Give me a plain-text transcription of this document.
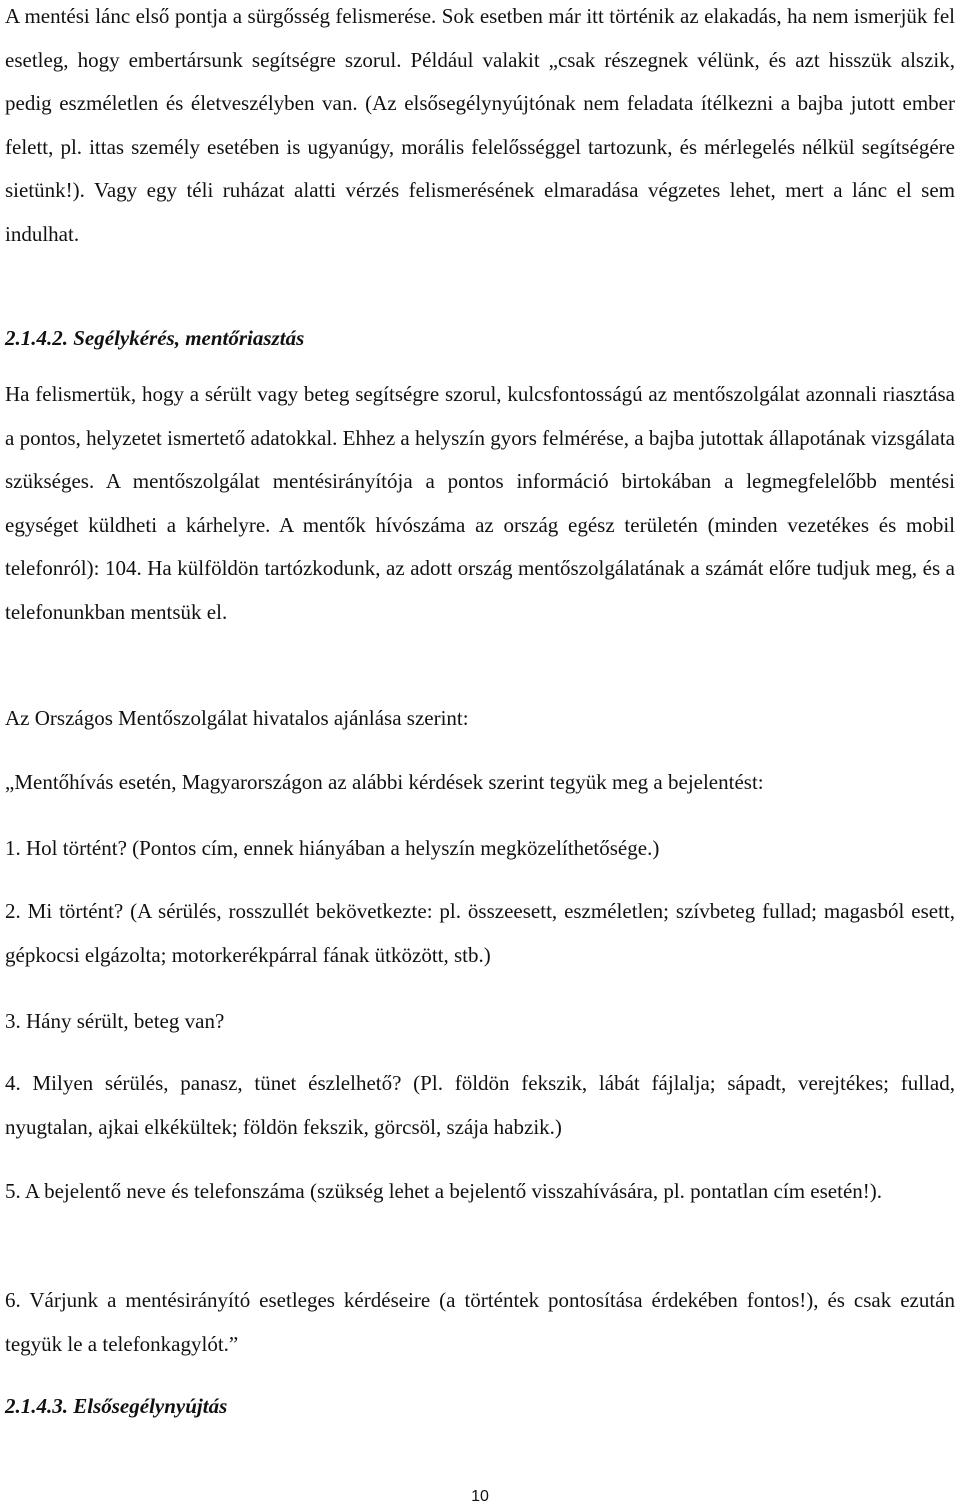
A mentési lánc első pontja a sürgősség felismerése. Sok esetben már itt történik az elakadás, ha nem ismerjük fel esetleg, hogy embertársunk segítségre szorul. Például valakit „csak részegnek vélünk, és azt hisszük alszik, pedig eszméletlen és életveszélyben van. (Az elsősegélynyújtónak nem feladata ítélkezni a bajba jutott ember felett, pl. ittas személy esetében is ugyanúgy, morális felelősséggel tartozunk, és mérlegelés nélkül segítségére sietünk!). Vagy egy téli ruházat alatti vérzés felismerésének elmaradása végzetes lehet, mert a lánc el sem indulhat.

2.1.4.2. Segélykérés, mentőriasztás

Ha felismertük, hogy a sérült vagy beteg segítségre szorul, kulcsfontosságú az mentőszolgálat azonnali riasztása a pontos, helyzetet ismertető adatokkal. Ehhez a helyszín gyors felmérése, a bajba jutottak állapotának vizsgálata szükséges. A mentőszolgálat mentésirányítója a pontos információ birtokában a legmegfelelőbb mentési egységet küldheti a kárhelyre. A mentők hívószáma az ország egész területén (minden vezetékes és mobil telefonról): 104. Ha külföldön tartózkodunk, az adott ország mentőszolgálatának a számát előre tudjuk meg, és a telefonunkban mentsük el.

Az Országos Mentőszolgálat hivatalos ajánlása szerint:

„Mentőhívás esetén, Magyarországon az alábbi kérdések szerint tegyük meg a bejelentést:

1. Hol történt? (Pontos cím, ennek hiányában a helyszín megközelíthetősége.)

2. Mi történt? (A sérülés, rosszullét bekövetkezte: pl. összeesett, eszméletlen; szívbeteg fullad; magasból esett, gépkocsi elgázolta; motorkerékpárral fának ütközött, stb.)

3. Hány sérült, beteg van?

4. Milyen sérülés, panasz, tünet észlelhető? (Pl. földön fekszik, lábát fájlalja; sápadt, verejtékes; fullad, nyugtalan, ajkai elkékültek; földön fekszik, görcsöl, szája habzik.)

5. A bejelentő neve és telefonszáma (szükség lehet a bejelentő visszahívására, pl. pontatlan cím esetén!).

6. Várjunk a mentésirányító esetleges kérdéseire (a történtek pontosítása érdekében fontos!), és csak ezután tegyük le a telefonkagylót.”

2.1.4.3. Elsősegélynyújtás

10
